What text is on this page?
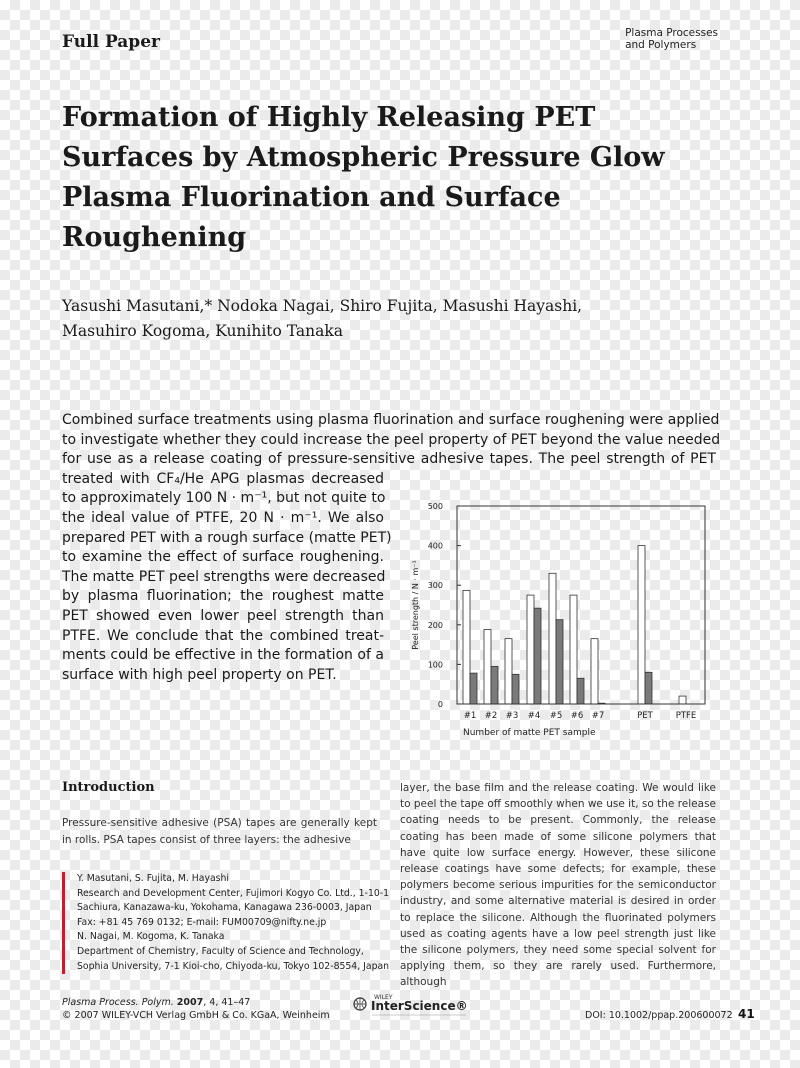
Full Paper	Plasma Processes
and Polymers
Formation of Highly Releasing PET
Surfaces by Atmospheric Pressure Glow
Plasma Fluorination and Surface
Roughening
Yasushi Masutani,* Nodoka Nagai, Shiro Fujita, Masushi Hayashi,
Masuhiro Kogoma, Kunihito Tanaka
Combined surface treatments using plasma fluorination and surface roughening were applied
to investigate whether they could increase the peel property of PET beyond the value needed
for use as a release coating of pressure-sensitive adhesive tapes. The peel strength of PET
treated with CF₄/He APG plasmas decreased
to approximately 100 N · m⁻¹, but not quite to
the ideal value of PTFE, 20 N · m⁻¹. We also
prepared PET with a rough surface (matte PET)
to examine the effect of surface roughening.
The matte PET peel strengths were decreased
by plasma fluorination; the roughest matte
PET showed even lower peel strength than
PTFE. We conclude that the combined treat-
ments could be effective in the formation of a
surface with high peel property on PET.
0
100
200
300
400
500
#1 #2 #3 #4 #5 #6 #7	PET	PTFE
Peel strength / N · m⁻¹
Number of matte PET sample
Introduction
Pressure-sensitive adhesive (PSA) tapes are generally kept in rolls. PSA tapes consist of three layers: the adhesive
layer, the base film and the release coating. We would like to peel the tape off smoothly when we use it, so the release coating needs to be present. Commonly, the release coating has been made of some silicone polymers that have quite low surface energy. However, these silicone release coatings have some defects; for example, these polymers become serious impurities for the semiconductor industry, and some alternative material is desired in order to replace the silicone. Although the fluorinated polymers used as coating agents have a low peel strength just like the silicone polymers, they need some special solvent for applying them, so they are rarely used. Furthermore, although
Y. Masutani, S. Fujita, M. Hayashi
Research and Development Center, Fujimori Kogyo Co. Ltd., 1-10-1
Sachiura, Kanazawa-ku, Yokohama, Kanagawa 236-0003, Japan
Fax: +81 45 769 0132; E-mail: FUM00709@nifty.ne.jp
N. Nagai, M. Kogoma, K. Tanaka
Department of Chemistry, Faculty of Science and Technology,
Sophia University, 7-1 Kioi-cho, Chiyoda-ku, Tokyo 102-8554, Japan
Plasma Process. Polym. 2007, 4, 41–47
© 2007 WILEY-VCH Verlag GmbH & Co. KGaA, Weinheim
WILEY
InterScience®
DOI: 10.1002/ppap.200600072 41
